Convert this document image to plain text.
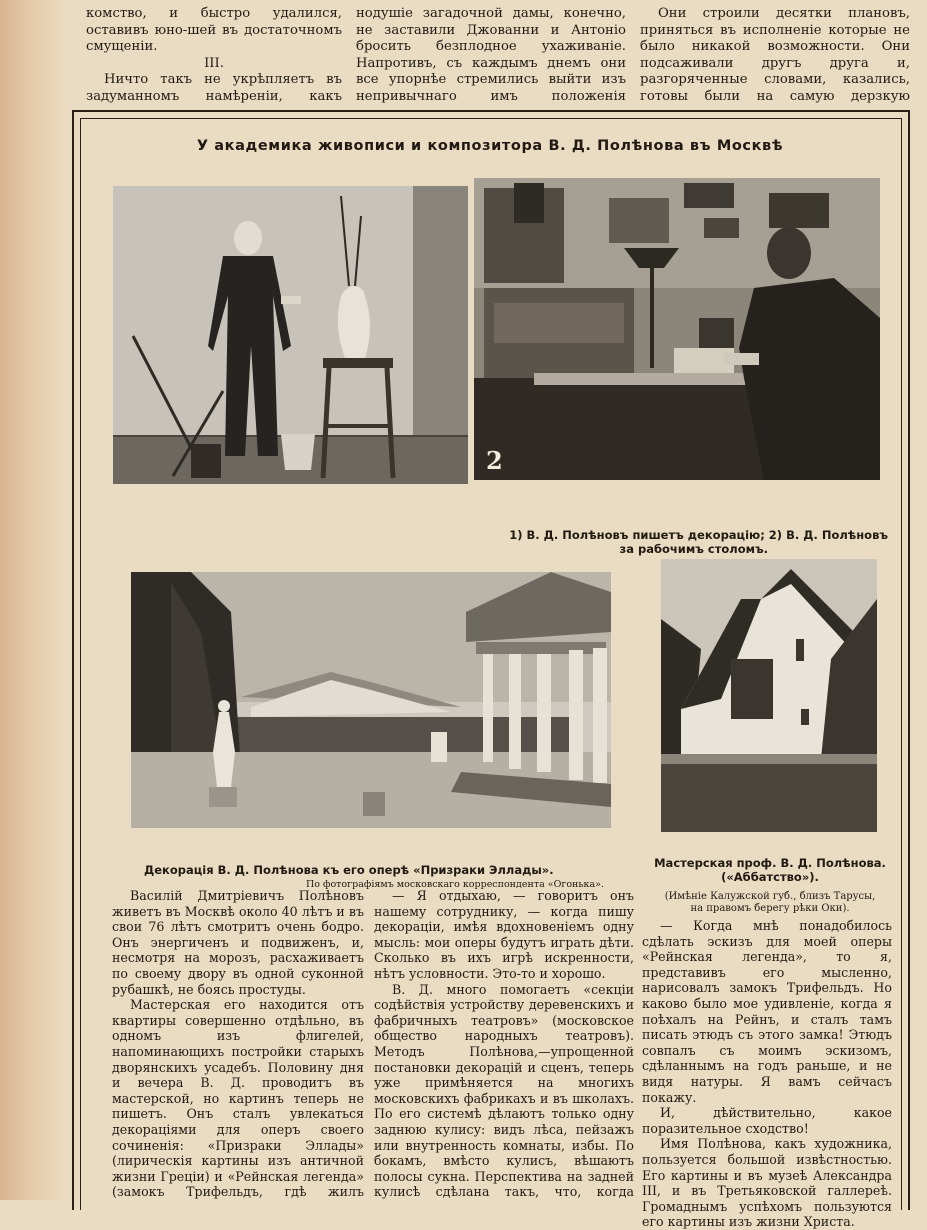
комство, и быстро удалился, оставивъ юно-шей въ достаточномъ смущеніи.

III.

Ничто такъ не укрѣпляетъ въ задуманномъ намѣреніи, какъ

нодушіе загадочной дамы, конечно, не заставили Джованни и Антоніо бросить безплодное ухаживаніе. Напротивъ, съ каждымъ днемъ они все упорнѣе стремились выйти изъ непривычнаго имъ положенія

Они строили десятки плановъ, приняться въ исполненіе которые не было никакой возможности. Они подсаживали другъ другa и, разгоряченные словами, казались, готовы были на самую дерзкую

У академика живописи и композитора В. Д. Полѣнова въ Москвѣ
2
1) В. Д. Полѣновъ пишетъ декорацію; 2) В. Д. Полѣновъ
за рабочимъ столомъ.
Декорація В. Д. Полѣнова къ его оперѣ «Призраки Эллады».
По фотографіямъ московскаго корреспондента «Огонька».
Мастерская проф. В. Д. Полѣнова.
(«Аббатство»).
(Имѣніе Калужской губ., близъ Тарусы,
на правомъ берегу рѣки Оки).

Василій Дмитріевичъ Полѣновъ живетъ въ Москвѣ около 40 лѣтъ и въ свои 76 лѣтъ смотритъ очень бодро. Онъ энергиченъ и подвиженъ, и, несмотря на морозъ, расхаживаетъ по своему двору въ одной суконной рубашкѣ, не боясь простуды.

Мастерская его находится отъ квартиры совершенно отдѣльно, въ одномъ изъ флигелей, напоминающихъ постройки старыхъ дворянскихъ усадебъ. Половину дня и вечера В. Д. проводитъ въ мастерской, но картинъ теперь не пишетъ. Онъ сталъ увлекаться декораціями для оперъ своего сочиненія: «Призраки Эллады» (лирическія картины изъ античной жизни Греціи) и «Рейнская легенда» (замокъ Трифельдъ, гдѣ жилъ

— Я отдыхаю, — говоритъ онъ нашему сотруднику, — когда пишу декораціи, имѣя вдохновеніемъ одну мысль: мои оперы будутъ играть дѣти. Сколько въ ихъ игрѣ искренности, нѣтъ условности. Это-то и хорошо.

В. Д. много помогаетъ «секціи содѣйствія устройству деревенскихъ и фабричныхъ театровъ» (московское общество народныхъ театровъ). Методъ Полѣнова,—упрощенной постановки декорацій и сценъ, теперь уже примѣняется на многихъ московскихъ фабрикахъ и въ школахъ. По его системѣ дѣлаютъ только одну заднюю кулису: видъ лѣса, пейзажъ или внутренность комнаты, избы. По бокамъ, вмѣсто кулисъ, вѣшаютъ полосы сукна. Перспектива на задней кулисѣ сдѣлана такъ, что, когда

— Когда мнѣ понадобилось сдѣлать эскизъ для моей оперы «Рейнская легенда», то я, представивъ его мысленно, нарисовалъ замокъ Трифельдъ. Но каково было мое удивленіе, когда я поѣхалъ на Рейнъ, и сталъ тамъ писать этюдъ съ этого замка! Этюдъ совпалъ съ моимъ эскизомъ, сдѣланнымъ на годъ раньше, и не видя натуры. Я вамъ сейчасъ покажу.

И, дѣйствительно, какое поразительное сходство!

Имя Полѣнова, какъ художника, пользуется большой извѣстностью. Его картины и въ музеѣ Александра III, и въ Третьяковской галлереѣ. Громаднымъ успѣхомъ пользуются его картины изъ жизни Христа.
